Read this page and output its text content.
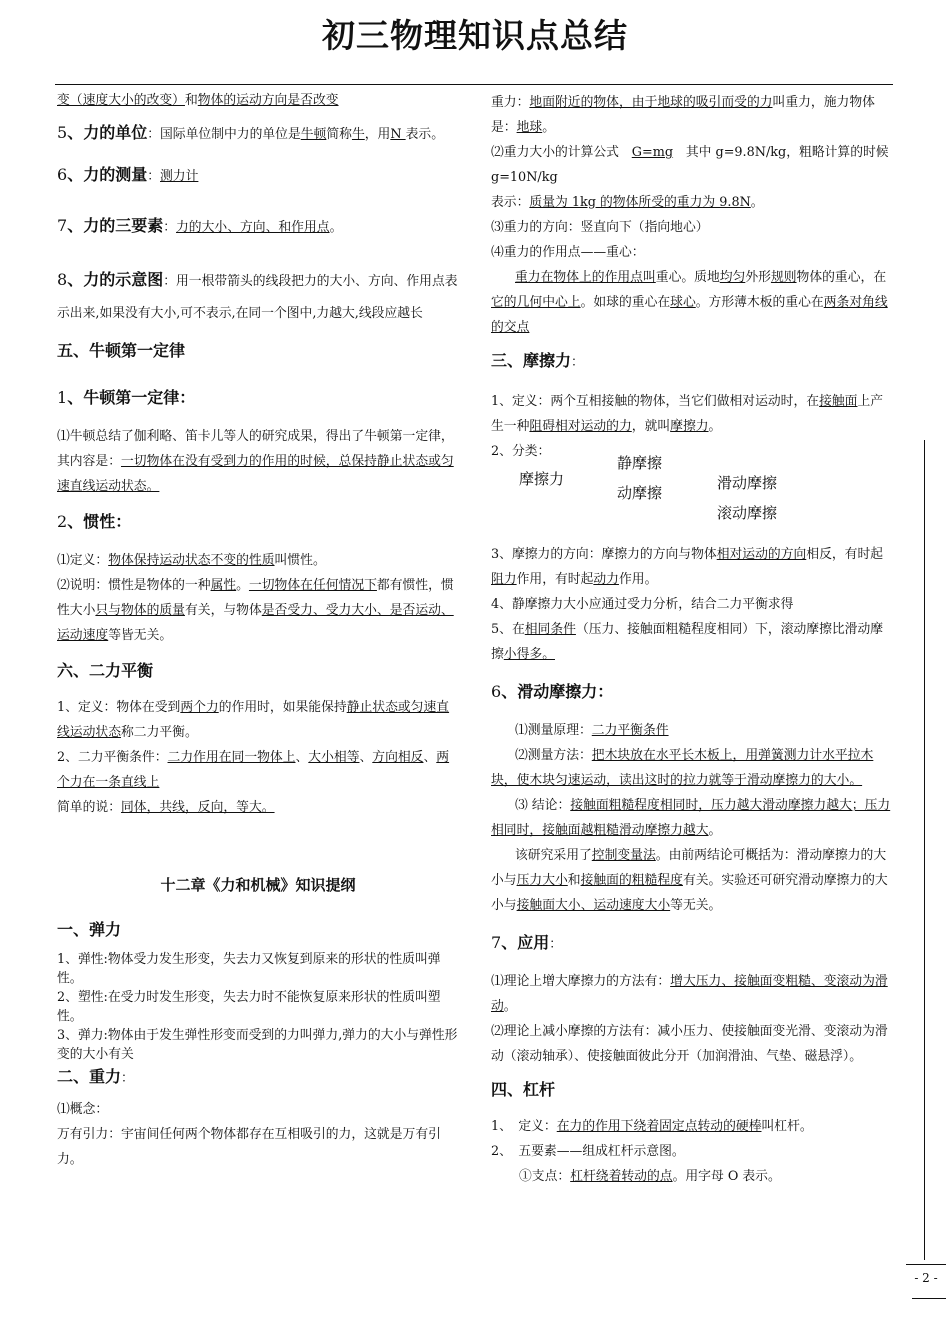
初三物理知识点总结

变（速度大小的改变）和物体的运动方向是否改变

5、力的单位：国际单位制中力的单位是牛顿简称牛，用N 表示。

6、力的测量：测力计

7、力的三要素：力的大小、方向、和作用点。

8、力的示意图：用一根带箭头的线段把力的大小、方向、作用点表示出来,如果没有大小,可不表示,在同一个图中,力越大,线段应越长

五、牛顿第一定律

1、牛顿第一定律：

⑴牛顿总结了伽利略、笛卡儿等人的研究成果，得出了牛顿第一定律，其内容是：一切物体在没有受到力的作用的时候，总保持静止状态或匀速直线运动状态。

2、惯性：

⑴定义：物体保持运动状态不变的性质叫惯性。

⑵说明：惯性是物体的一种属性。一切物体在任何情况下都有惯性，惯性大小只与物体的质量有关，与物体是否受力、受力大小、是否运动、运动速度等皆无关。

六、二力平衡

1、定义：物体在受到两个力的作用时，如果能保持静止状态或匀速直线运动状态称二力平衡。

2、二力平衡条件：二力作用在同一物体上、大小相等、方向相反、两个力在一条直线上

简单的说：同体，共线，反向，等大。

十二章《力和机械》知识提纲

一、弹力

1、弹性:物体受力发生形变，失去力又恢复到原来的形状的性质叫弹性。

2、塑性:在受力时发生形变，失去力时不能恢复原来形状的性质叫塑性。

3、弹力:物体由于发生弹性形变而受到的力叫弹力,弹力的大小与弹性形变的大小有关

二、重力：

⑴概念：

万有引力：宇宙间任何两个物体都存在互相吸引的力，这就是万有引力。

重力：地面附近的物体，由于地球的吸引而受的力叫重力，施力物体是：地球。

⑵重力大小的计算公式　G=mg　其中 g=9.8N/kg，粗略计算的时候 g=10N/kg

表示：质量为 1kg 的物体所受的重力为 9.8N。

⑶重力的方向：竖直向下（指向地心）

⑷重力的作用点——重心：

重力在物体上的作用点叫重心。质地均匀外形规则物体的重心，在它的几何中心上。如球的重心在球心。方形薄木板的重心在两条对角线的交点

三、摩擦力：

1、定义：两个互相接触的物体，当它们做相对运动时，在接触面上产生一种阻碍相对运动的力，就叫摩擦力。

2、分类：

摩擦力
静摩擦
动摩擦
滑动摩擦
滚动摩擦

3、摩擦力的方向：摩擦力的方向与物体相对运动的方向相反，有时起阻力作用，有时起动力作用。

4、静摩擦力大小应通过受力分析，结合二力平衡求得

5、在相同条件（压力、接触面粗糙程度相同）下，滚动摩擦比滑动摩擦小得多。

6、滑动摩擦力：

⑴测量原理：二力平衡条件

⑵测量方法：把木块放在水平长木板上，用弹簧测力计水平拉木块，使木块匀速运动，读出这时的拉力就等于滑动摩擦力的大小。

⑶ 结论：接触面粗糙程度相同时，压力越大滑动摩擦力越大；压力相同时，接触面越粗糙滑动摩擦力越大。

该研究采用了控制变量法。由前两结论可概括为：滑动摩擦力的大小与压力大小和接触面的粗糙程度有关。实验还可研究滑动摩擦力的大小与接触面大小、运动速度大小等无关。

7、应用：

⑴理论上增大摩擦力的方法有：增大压力、接触面变粗糙、变滚动为滑动。

⑵理论上减小摩擦的方法有：减小压力、使接触面变光滑、变滚动为滑动（滚动轴承）、使接触面彼此分开（加润滑油、气垫、磁悬浮）。

四、杠杆

1、　定义：在力的作用下绕着固定点转动的硬棒叫杠杆。

2、　五要素——组成杠杆示意图。

①支点：杠杆绕着转动的点。用字母 O 表示。

- 2 -
